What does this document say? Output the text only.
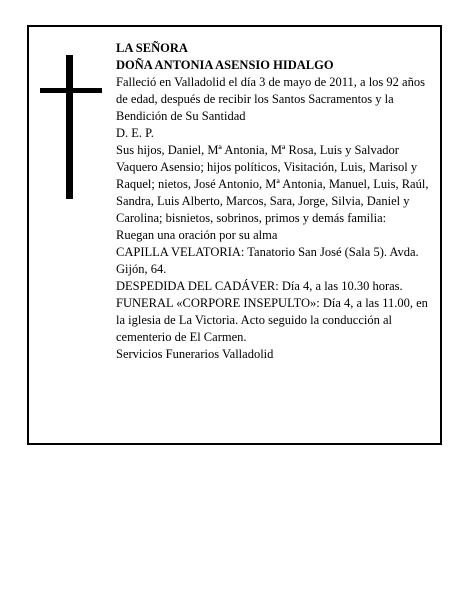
LA SEÑORA

DOÑA ANTONIA ASENSIO HIDALGO

Falleció en Valladolid el día 3 de mayo de 2011, a los 92 años de edad, después de recibir los Santos Sacramentos y la Bendición de Su Santidad

D. E. P.

Sus hijos, Daniel, Mª Antonia, Mª Rosa, Luis y Salvador Vaquero Asensio; hijos políticos, Visitación, Luis, Marisol y Raquel; nietos, José Antonio, Mª Antonia, Manuel, Luis, Raúl, Sandra, Luis Alberto, Marcos, Sara, Jorge, Silvia, Daniel y Carolina; bisnietos, sobrinos, primos y demás familia:

Ruegan una oración por su alma

CAPILLA VELATORIA: Tanatorio San José (Sala 5). Avda. Gijón, 64.

DESPEDIDA DEL CADÁVER: Día 4, a las 10.30 horas.

FUNERAL «CORPORE INSEPULTO»: Día 4, a las 11.00, en la iglesia de La Victoria. Acto seguido la conducción al cementerio de El Carmen.

Servicios Funerarios Valladolid
